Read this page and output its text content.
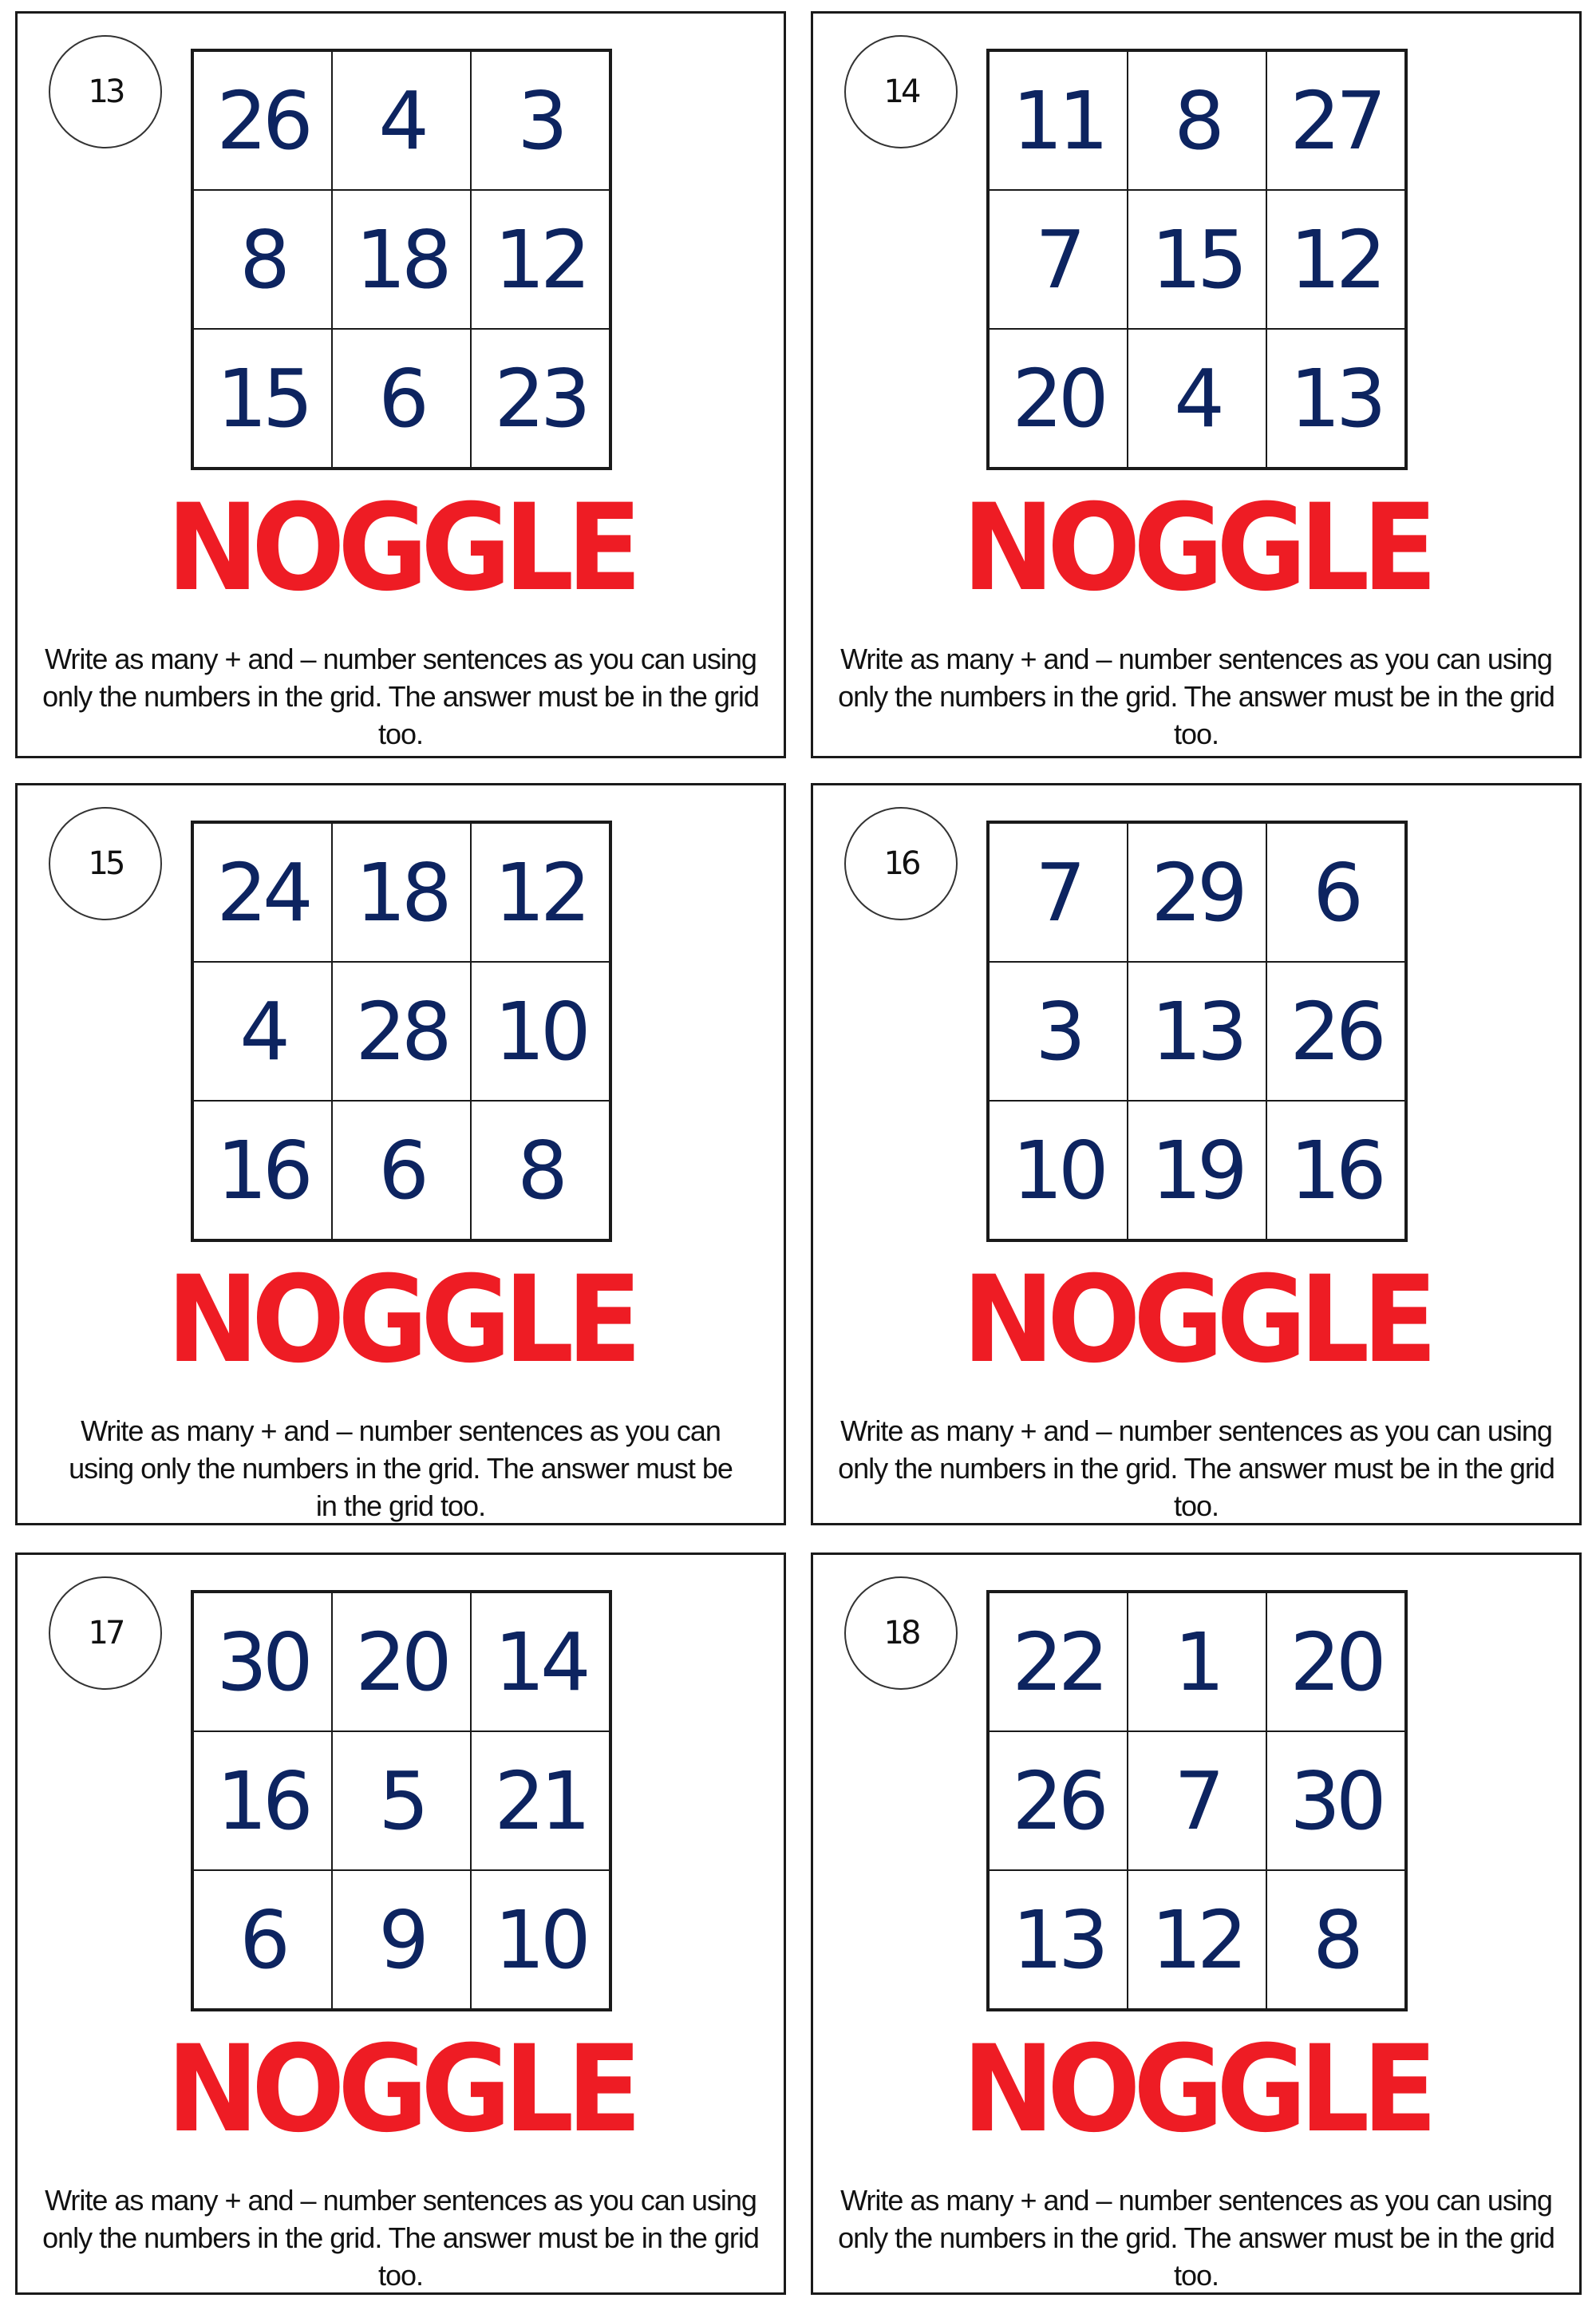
13	26 4	3
8 18 12
15 6 23
NOGGLE
Write as many + and – number sentences as you can using only the numbers in the grid. The answer must be in the grid too.
14	11 8 27
7 15 12
20 4 13
NOGGLE
Write as many + and – number sentences as you can using only the numbers in the grid. The answer must be in the grid too.
15	24 18 12
4 28 10
16 6	8
NOGGLE
Write as many + and – number sentences as you can using only the numbers in the grid. The answer must be in the grid too.
16	7 29 6
3 13 26
10 19 16
NOGGLE
Write as many + and – number sentences as you can using only the numbers in the grid. The answer must be in the grid too.
17	30 20 14
16 5 21
6	9 10
NOGGLE
Write as many + and – number sentences as you can using only the numbers in the grid. The answer must be in the grid too.
18	22 1 20
26 7 30
13 12 8
NOGGLE
Write as many + and – number sentences as you can using only the numbers in the grid. The answer must be in the grid too.
